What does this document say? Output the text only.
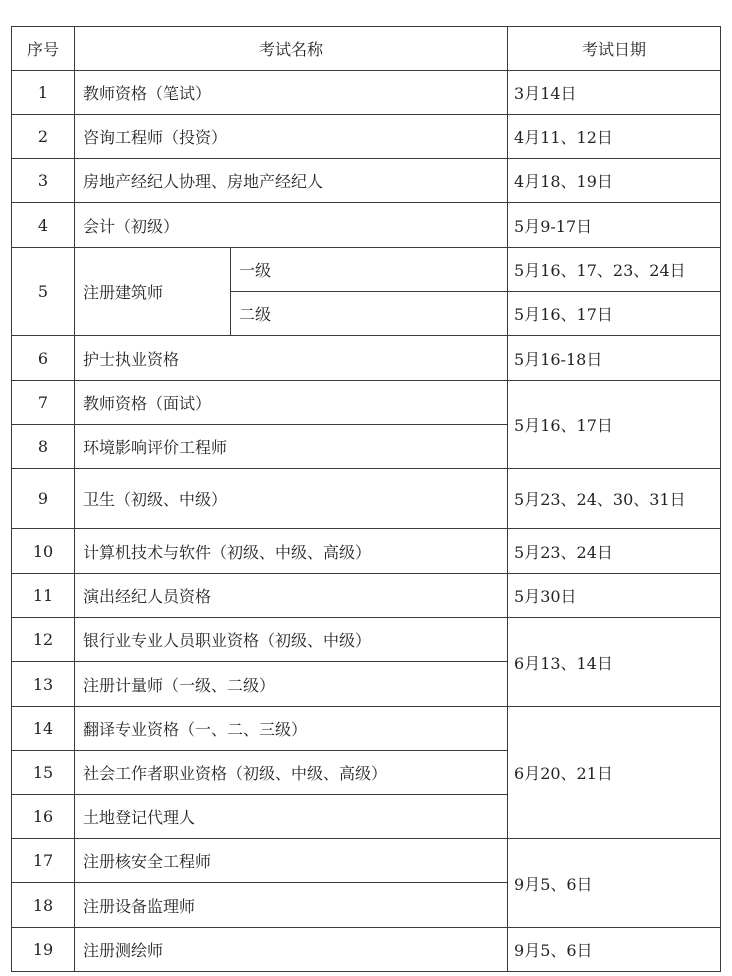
序号	考试名称		考试日期
1	教师资格（笔试）		3月14日
2	咨询工程师（投资）		4月11、12日
3	房地产经纪人协理、房地产经纪人		4月18、19日
4	会计（初级）		5月9-17日
5	注册建筑师	一级	5月16、17、23、24日
		二级	5月16、17日
6	护士执业资格		5月16-18日
7	教师资格（面试）		5月16、17日
8	环境影响评价工程师		
9	卫生（初级、中级）		5月23、24、30、31日
10	计算机技术与软件（初级、中级、高级）		5月23、24日
11	演出经纪人员资格		5月30日
12	银行业专业人员职业资格（初级、中级）		6月13、14日
13	注册计量师（一级、二级）		
14	翻译专业资格（一、二、三级）		6月20、21日
15	社会工作者职业资格（初级、中级、高级）		
16	土地登记代理人		
17	注册核安全工程师		9月5、6日
18	注册设备监理师		
19	注册测绘师		9月5、6日
